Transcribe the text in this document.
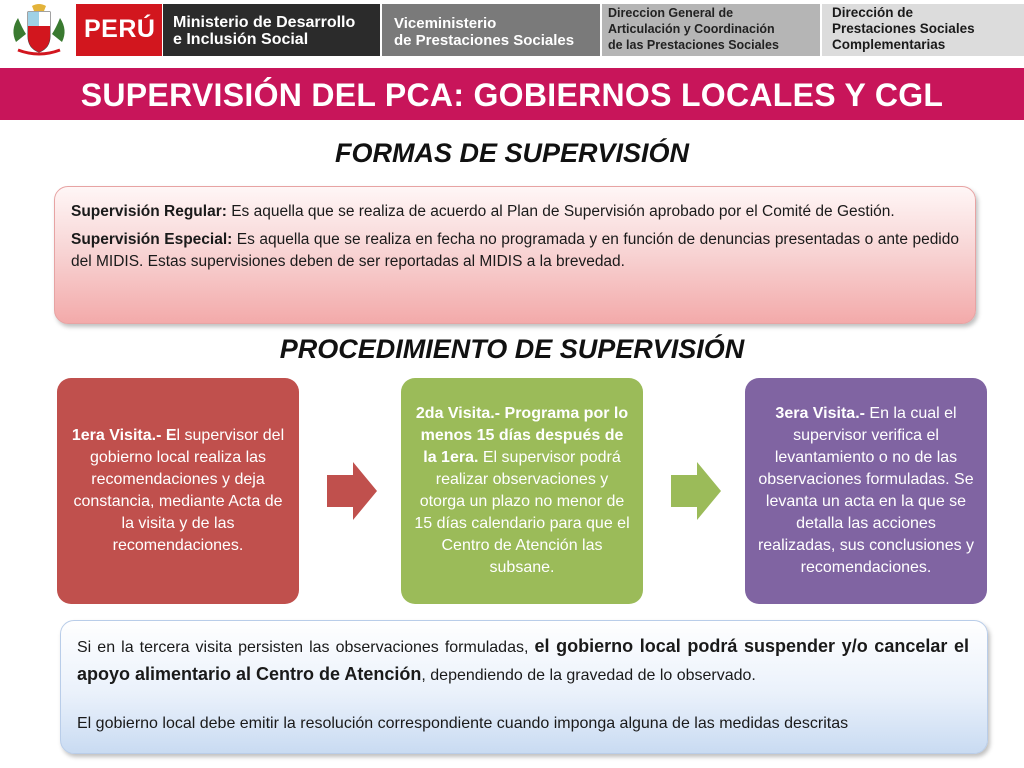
PERÚ Ministerio de Desarrollo
e Inclusión Social
Viceministerio
de Prestaciones Sociales
Direccion General de
Articulación y Coordinación
de las Prestaciones Sociales
Dirección de
Prestaciones Sociales
Complementarias
SUPERVISIÓN DEL PCA: GOBIERNOS LOCALES Y CGL
FORMAS DE SUPERVISIÓN

Supervisión Regular: Es aquella que se realiza de acuerdo al Plan de Supervisión aprobado por el Comité de Gestión.

Supervisión Especial: Es aquella que se realiza en fecha no programada y en función de denuncias presentadas o ante pedido del MIDIS. Estas supervisiones deben de ser reportadas al MIDIS a la brevedad.

PROCEDIMIENTO DE SUPERVISIÓN
1era Visita.- El supervisor del gobierno local realiza las recomendaciones y deja constancia, mediante Acta de la visita y de las recomendaciones.
2da Visita.- Programa por lo menos 15 días después de la 1era. El supervisor podrá realizar observaciones y otorga un plazo no menor de 15 días calendario para que el Centro de Atención las subsane.
3era Visita.- En la cual el supervisor verifica el levantamiento o no de las observaciones formuladas. Se levanta un acta en la que se detalla las acciones realizadas, sus conclusiones y recomendaciones.

Si en la tercera visita persisten las observaciones formuladas, el gobierno local podrá suspender y/o cancelar el apoyo alimentario al Centro de Atención, dependiendo de la gravedad de lo observado.

El gobierno local debe emitir la resolución correspondiente cuando imponga alguna de las medidas descritas
